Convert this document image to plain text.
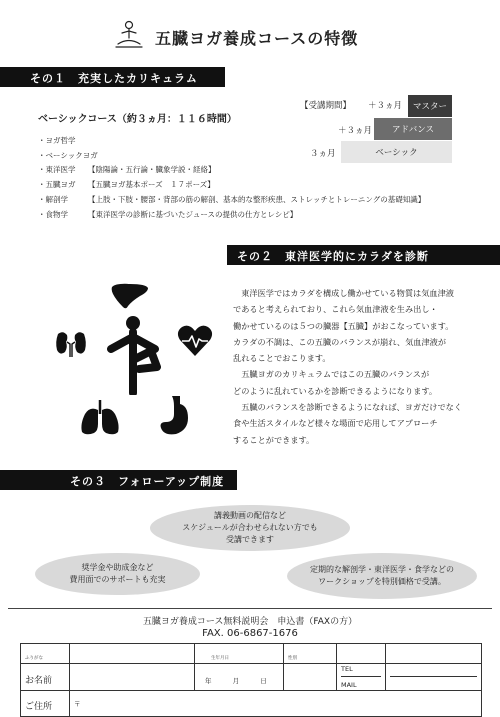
五臓ヨガ養成コースの特徴
その１　充実したカリキュラム
ベーシックコース（約３ヵ月：１１６時間）
・ヨガ哲学
・ベーシックヨガ
・東洋医学 【陰陽論・五行論・臓象学説・経絡】
・五臓ヨガ 【五臓ヨガ基本ポーズ　１７ポーズ】
・解剖学	【上肢・下肢・腰部・背部の筋の解剖、基本的な整形疾患、ストレッチとトレーニングの基礎知識】
・食物学	【東洋医学の診断に基づいたジュースの提供の仕方とレシピ】
【受講期間】 ＋３ヵ月	マスター
＋３ヵ月	アドバンス
３ヵ月	ベーシック
その２　東洋医学的にカラダを診断

　東洋医学ではカラダを構成し働かせている物質は気血津液

であると考えられており、これら気血津液を生み出し・

働かせているのは５つの臓器【五臓】がおこなっています。

カラダの不調は、この五臓のバランスが崩れ、気血津液が

乱れることでおこります。

　五臓ヨガのカリキュラムではこの五臓のバランスが

どのように乱れているかを診断できるようになります。

　五臓のバランスを診断できるようになれば、ヨガだけでなく

食や生活スタイルなど様々な場面で応用してアプローチ

することができます。

その３　フォローアップ制度
講義動画の配信など
スケジュールが合わせられない方でも
受講できます
奨学金や助成金など
費用面でのサポートも充実
定期的な解剖学・東洋医学・食学などの
ワークショップを特別価格で受講。
五臓ヨガ養成コース無料説明会　申込書（FAXの方）
FAX. 06-6867-1676
ふりがな		生年月日	性別		
お名前		年 月 日		TEL
MAIL	

ご住所	〒				
